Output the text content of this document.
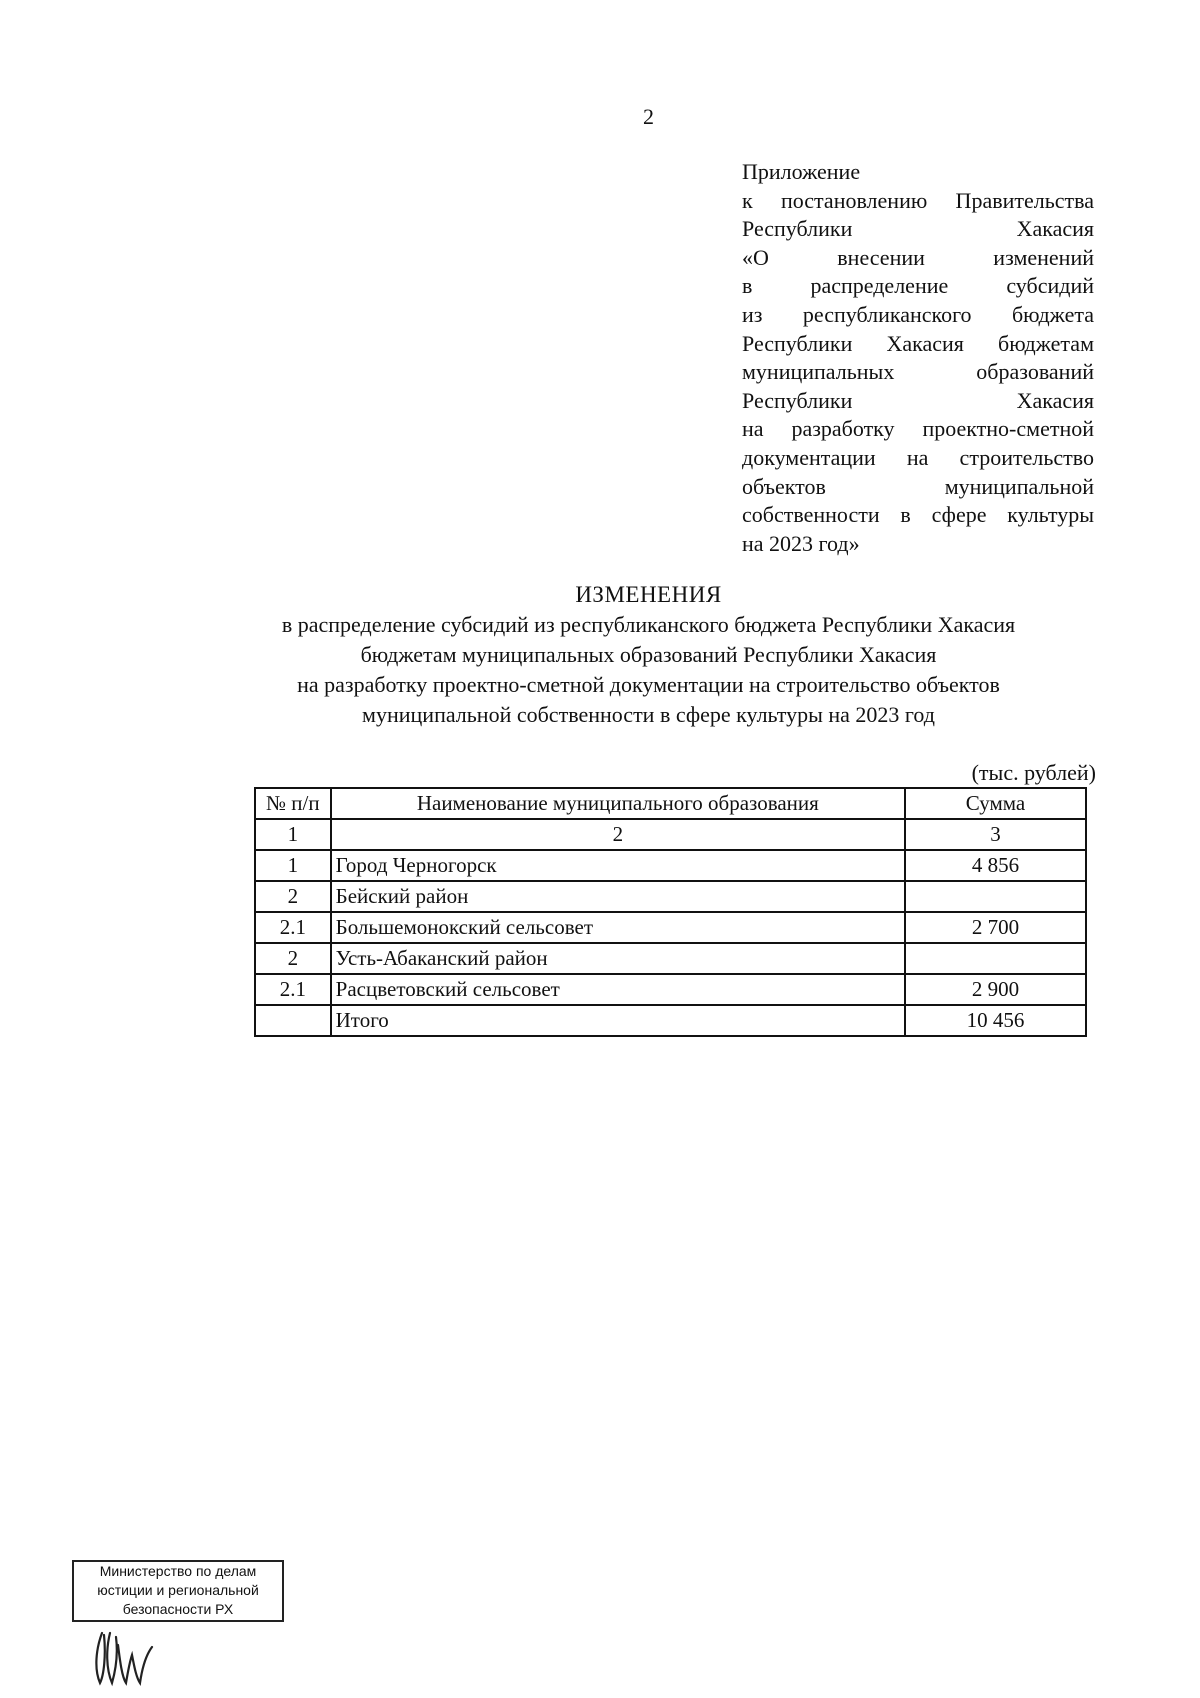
2
Приложение
к постановлению Правительства
Республики Хакасия
«О внесении изменений
в распределение субсидий
из республиканского бюджета
Республики Хакасия бюджетам
муниципальных образований
Республики Хакасия
на разработку проектно-сметной
документации на строительство
объектов муниципальной
собственности в сфере культуры
на 2023 год»
ИЗМЕНЕНИЯ
в распределение субсидий из республиканского бюджета Республики Хакасия
бюджетам муниципальных образований Республики Хакасия
на разработку проектно-сметной документации на строительство объектов
муниципальной собственности в сфере культуры на 2023 год
(тыс. рублей)
№ п/п	Наименование муниципального образования	Сумма
1	2	3
1	Город Черногорск	4 856
2	Бейский район	
2.1	Большемонокский сельсовет	2 700
2	Усть-Абаканский район	
2.1	Расцветовский сельсовет	2 900
	Итого	10 456
Министерство по делам
юстиции и региональной
безопасности РХ
